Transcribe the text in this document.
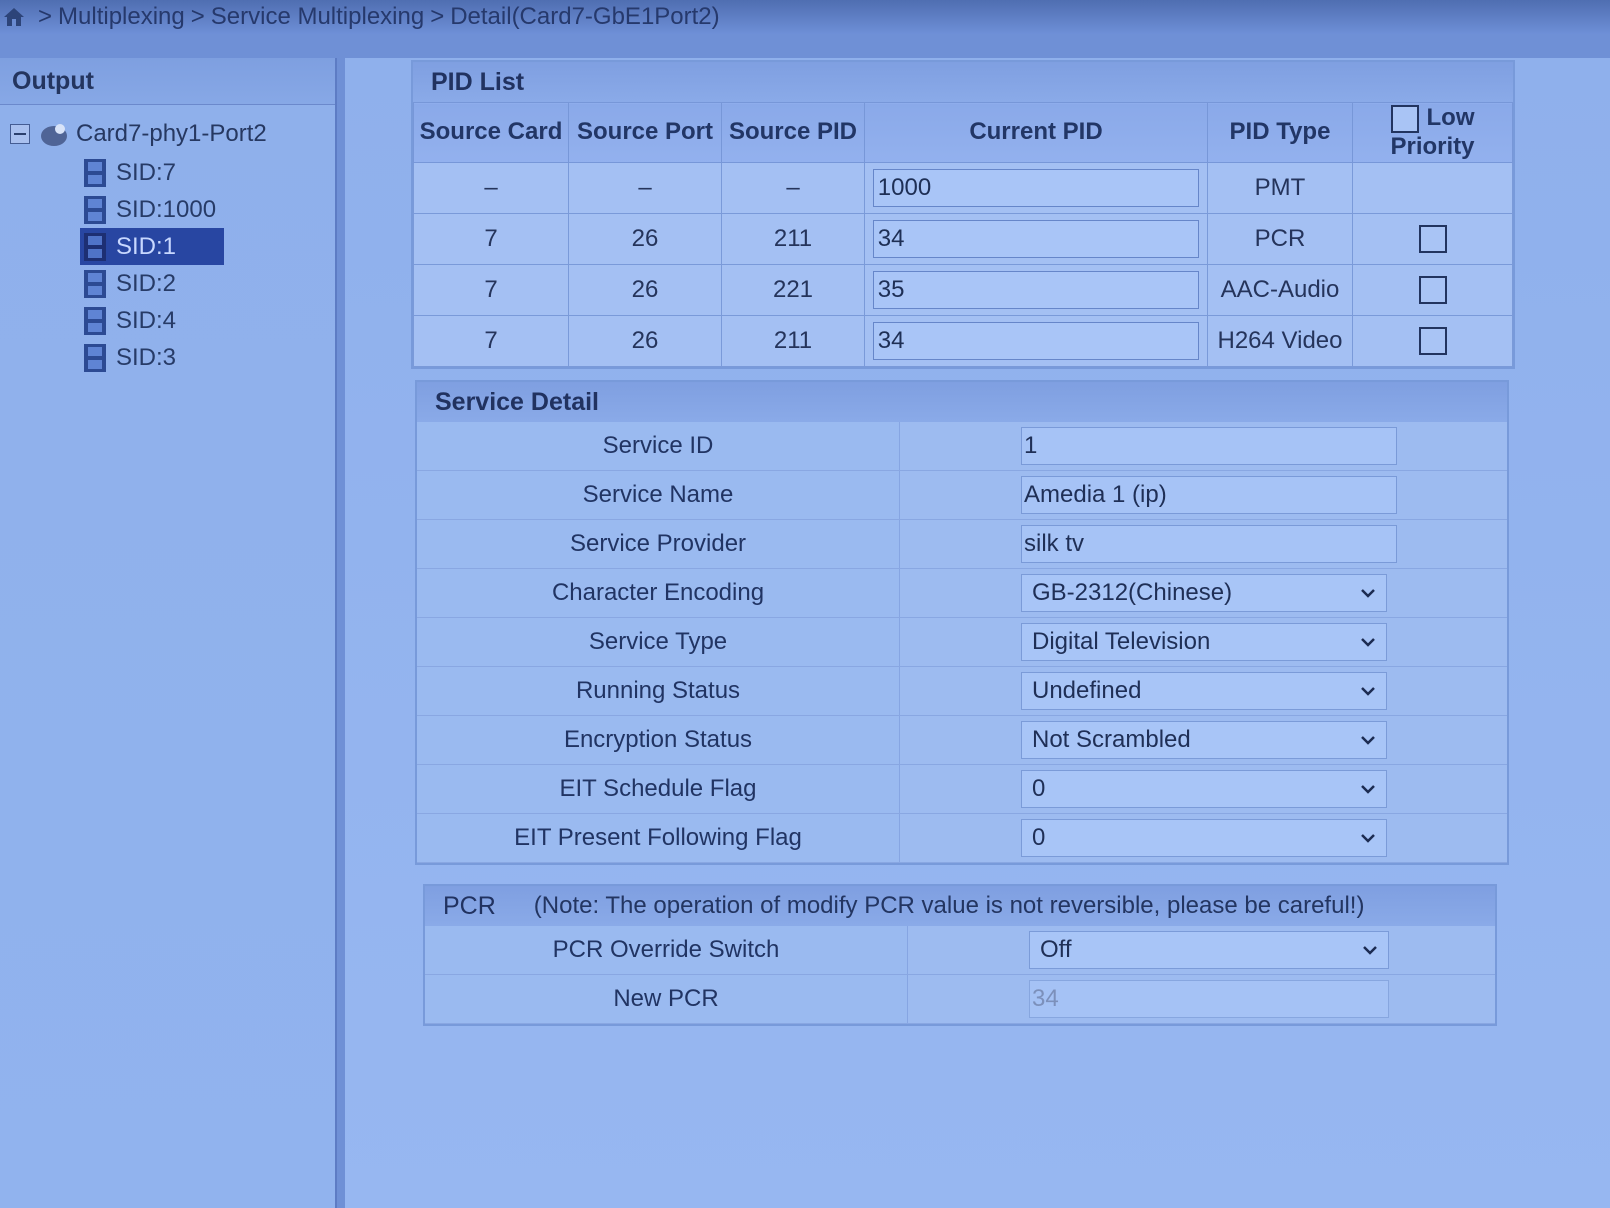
> Multiplexing > Service Multiplexing > Detail(Card7-GbE1Port2)
Output
Card7-phy1-Port2
SID:7
SID:1000
SID:1
SID:2
SID:4
SID:3
PID List
Source Card	Source Port	Source PID	Current PID	PID Type	Low Priority
–	–	–	1000	PMT	
7	26	211	34	PCR	
7	26	221	35	AAC-Audio	
7	26	211	34	H264 Video	
Service Detail
Service ID		1
Service Name		Amedia 1 (ip)
Service Provider		silk tv
Character Encoding		GB-2312(Chinese)

Service Type		Digital Television

Running Status		Undefined

Encryption Status		Not Scrambled

EIT Schedule Flag		0

EIT Present Following Flag		0
PCR (Note: The operation of modify PCR value is not reversible, please be careful!)
PCR Override Switch		Off

New PCR		34
